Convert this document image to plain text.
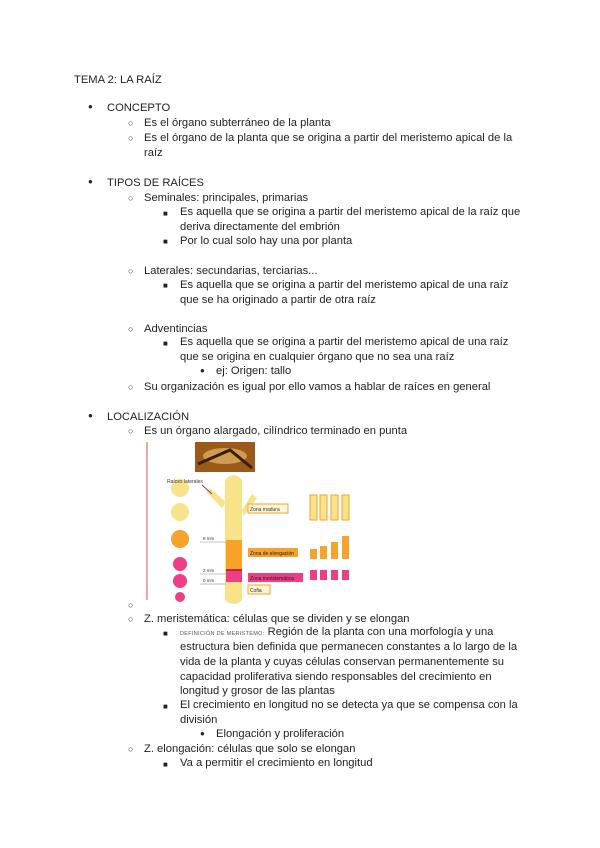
TEMA 2: LA RAÍZ
● CONCEPTO
○ Es el órgano subterráneo de la planta
○ Es el órgano de la planta que se origina a partir del meristemo apical de la
raíz
● TIPOS DE RAÍCES
○ Seminales: principales, primarias
■ Es aquella que se origina a partir del meristemo apical de la raíz que
deriva directamente del embrión
■ Por lo cual solo hay una por planta
○ Laterales: secundarias, terciarias...
■ Es aquella que se origina a partir del meristemo apical de una raíz
que se ha originado a partir de otra raíz
○ Adventincias
■ Es aquella que se origina a partir del meristemo apical de una raíz
que se origina en cualquier órgano que no sea una raíz
● ej: Origen: tallo
○ Su organización es igual por ello vamos a hablar de raíces en general
● LOCALIZACIÓN
○ Es un órgano alargado, cilíndrico terminado en punta
Raíces laterales
8 mm
2 mm
0 mm
Zona madura
Zona de elongación
Zona meristemática
Cofia
○
○ Z. meristemática: células que se dividen y se elongan
■ DEFINICIÓN DE MERISTEMO: Región de la planta con una morfología y una
estructura bien definida que permanecen constantes a lo largo de la
vida de la planta y cuyas células conservan permanentemente su
capacidad proliferativa siendo responsables del crecimiento en
longitud y grosor de las plantas
■ El crecimiento en longitud no se detecta ya que se compensa con la
división
● Elongación y proliferación
○ Z. elongación: células que solo se elongan
■ Va a permitir el crecimiento en longitud
